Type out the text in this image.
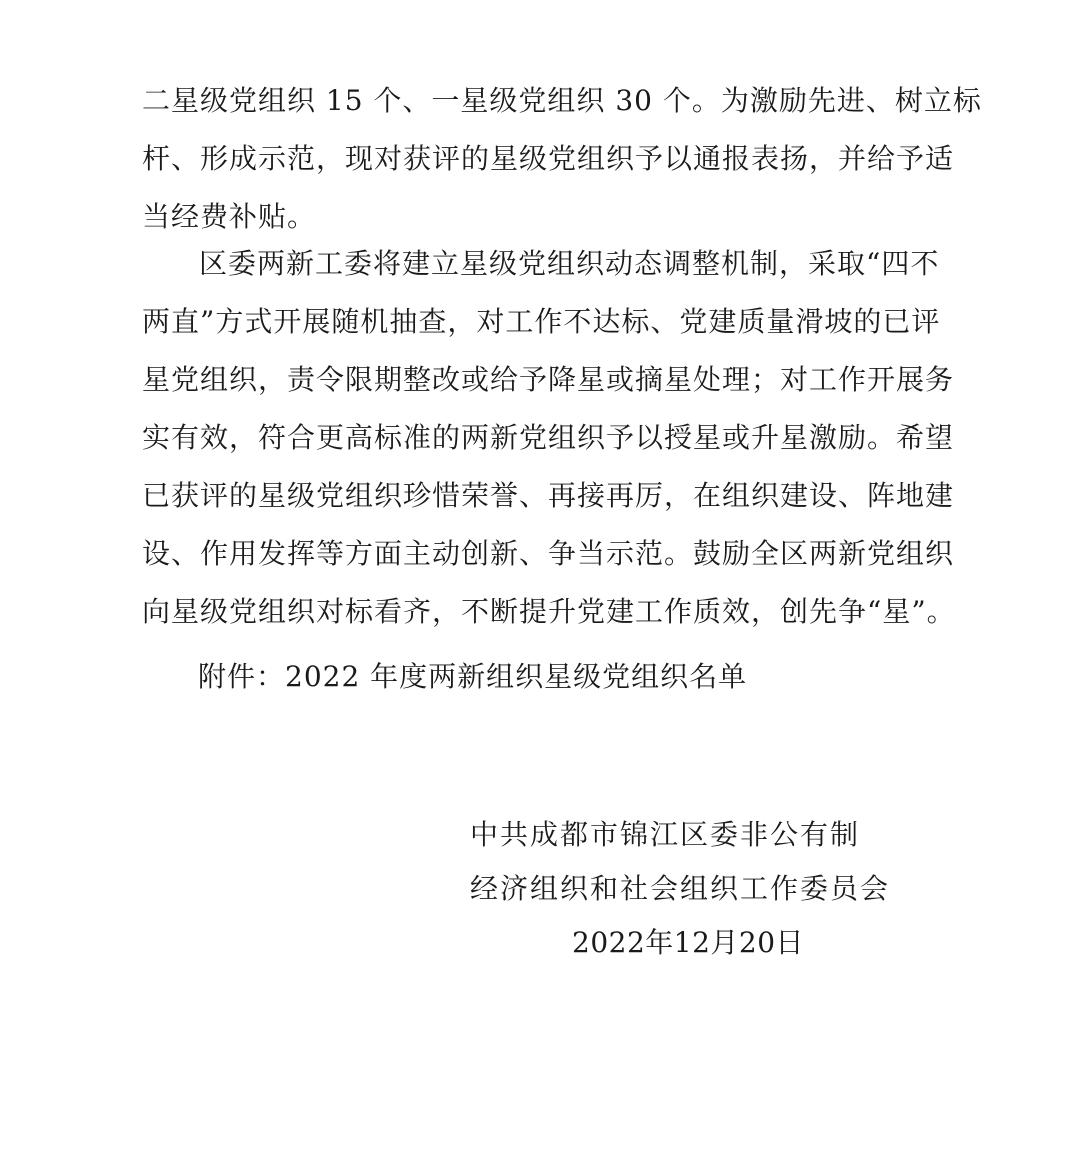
二星级党组织 15 个、一星级党组织 30 个。为激励先进、树立标
杆、形成示范，现对获评的星级党组织予以通报表扬，并给予适
当经费补贴。
区委两新工委将建立星级党组织动态调整机制，采取“四不
两直”方式开展随机抽查，对工作不达标、党建质量滑坡的已评
星党组织，责令限期整改或给予降星或摘星处理；对工作开展务
实有效，符合更高标准的两新党组织予以授星或升星激励。希望
已获评的星级党组织珍惜荣誉、再接再厉，在组织建设、阵地建
设、作用发挥等方面主动创新、争当示范。鼓励全区两新党组织
向星级党组织对标看齐，不断提升党建工作质效，创先争“星”。
附件：2022 年度两新组织星级党组织名单
中共成都市锦江区委非公有制
经济组织和社会组织工作委员会
2022年12月20日
